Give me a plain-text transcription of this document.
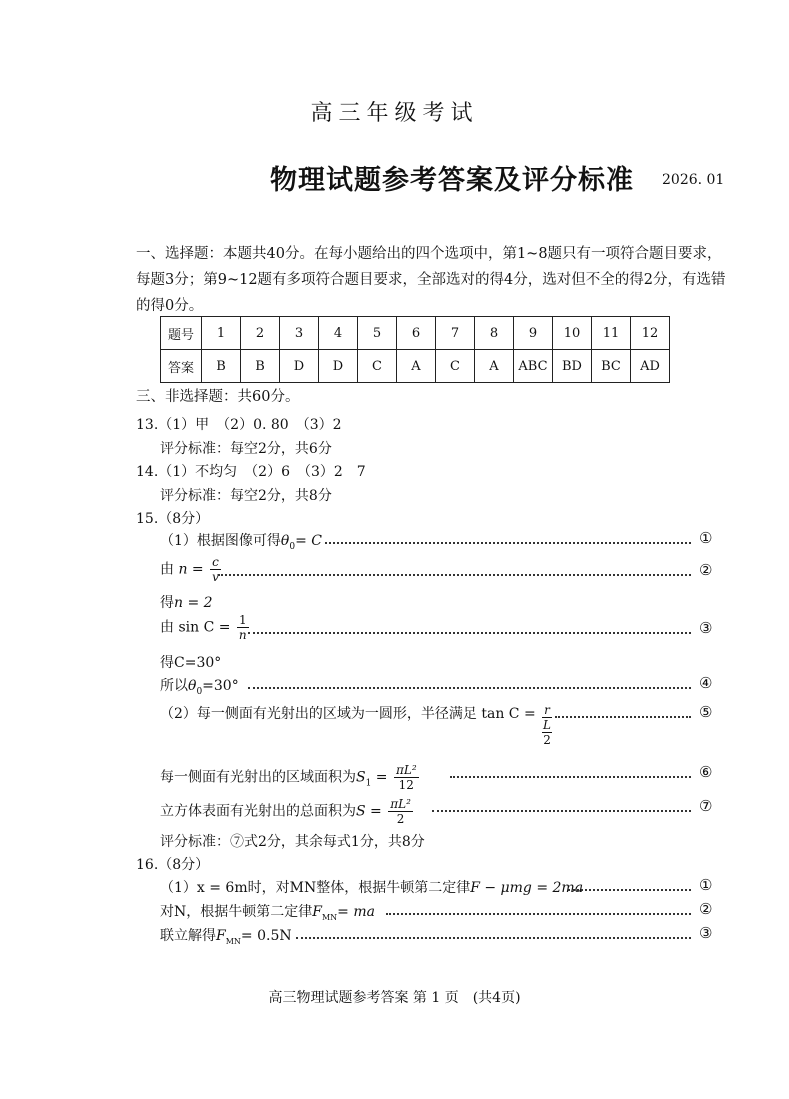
高三年级考试
物理试题参考答案及评分标准 2026. 01
一、选择题：本题共40分。在每小题给出的四个选项中，第1~8题只有一项符合题目要求，每题3分；第9~12题有多项符合题目要求，全部选对的得4分，选对但不全的得2分，有选错的得0分。
题号	1	2	3	4	5	6	7	8	9	10	11	12
答案	B	B	D	D	C	A	C	A	ABC	BD	BC	AD
三、非选择题：共60分。
13.（1）甲　（2）0. 80　（3）2
评分标准：每空2分，共6分
14.（1）不均匀　（2）6　（3）2　7
评分标准：每空2分，共8分
15.（8分）
（1）根据图像可得$\theta_0= C$	①
由 $n = \frac{c}{v}$	②
得n = 2
由 $\sin C = \frac{1}{n}$	③
得C=30°
所以$\theta_0=30^\circ$	④
（2）每一侧面有光射出的区域为一圆形，半径满足 tan C = r
L
2	⑤
每一侧面有光射出的区域面积为$S_1 = \frac{\text{πL²}}{12}$	⑥
立方体表面有光射出的总面积为$S = \frac{\text{πL²}}{2}$	⑦
评分标准：⑦式2分，其余每式1分，共8分
16.（8分）
（1）x = 6m时，对MN整体，根据牛顿第二定律F − μmg = 2ma	①
对N，根据牛顿第二定律$F_{MN}=$ ma	②
联立解得$F_{MN}= 0.5N$	③
高三物理试题参考答案 第 1 页　(共4页)
